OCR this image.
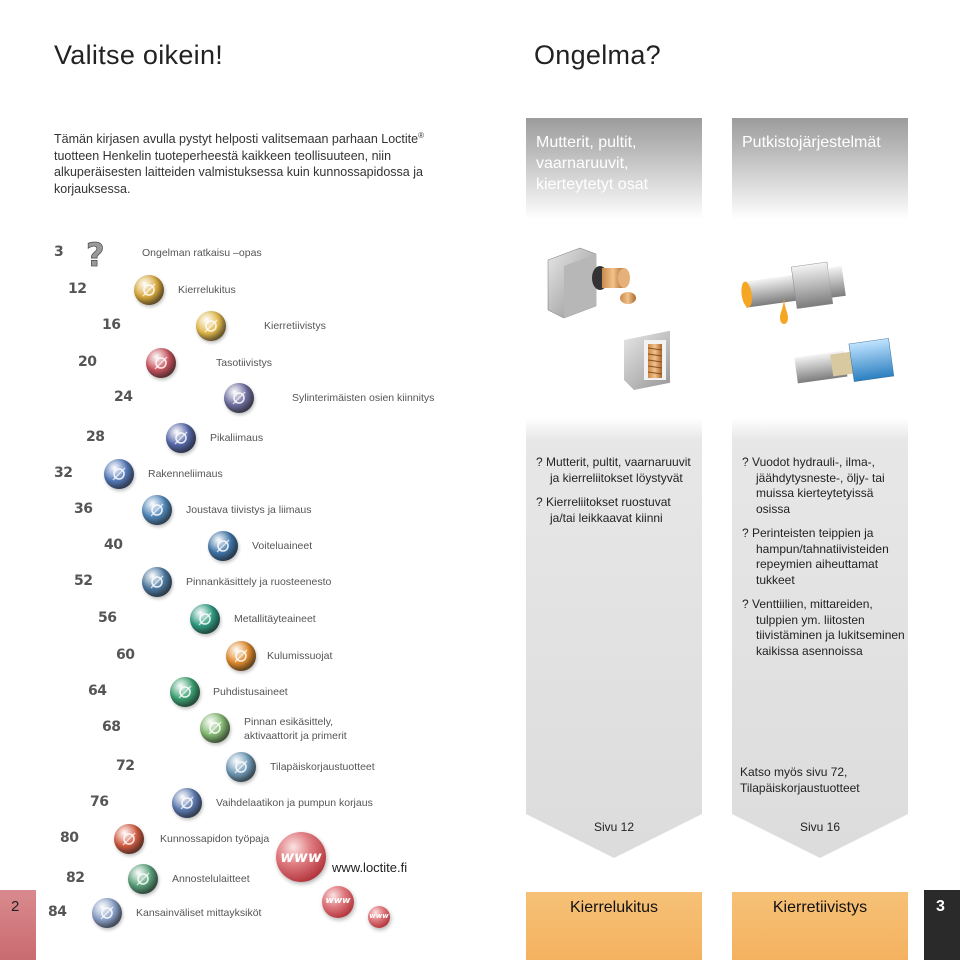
2	3
Valitse oikein!
Tämän kirjasen avulla pystyt helposti valitsemaan parhaan Loctite® tuotteen Henkelin tuoteperheestä kaikkeen teollisuuteen, niin alkuperäisesten laitteiden valmistuksessa kuin kunnossapidossa ja korjauksessa.
3 ?	Ongelman ratkaisu –opas
12	Kierrelukitus
16	Kierretiivistys
20	Tasotiivistys
24	Sylinterimäisten osien kiinnitys
28	Pikaliimaus
32	Rakenneliimaus
36	Joustava tiivistys ja liimaus
40	Voiteluaineet
52	Pinnankäsittely ja ruosteenesto
56	Metallitäyteaineet
60	Kulumissuojat
64	Puhdistusaineet
68	Pinnan esikäsittely,
aktivaattorit ja primerit
72	Tilapäiskorjaustuotteet
76	Vaihdelaatikon ja pumpun korjaus
80	Kunnossapidon työpaja
82	Annostelulaitteet
84	Kansainväliset mittayksiköt
www
www
www
www.loctite.fi
Ongelma?
Mutterit, pultit,
vaarnaruuvit,
kierteytetyt osat
Putkistojärjestelmät

? Mutterit, pultit, vaarnaruuvit ja kierreliitokset löystyvät

? Kierreliitokset ruostuvat ja/tai leikkaavat kiinni

Sivu 12

? Vuodot hydrauli-, ilma-, jäähdytysneste-, öljy- tai muissa kierteytetyissä osissa

? Perinteisten teippien ja hampun/tahnatiivisteiden repeymien aiheuttamat tukkeet

? Venttiilien, mittareiden, tulppien ym. liitosten tiivistäminen ja lukitseminen kaikissa asennoissa

Katso myös sivu 72, Tilapäiskorjaustuotteet
Sivu 16
Kierrelukitus	Kierretiivistys
